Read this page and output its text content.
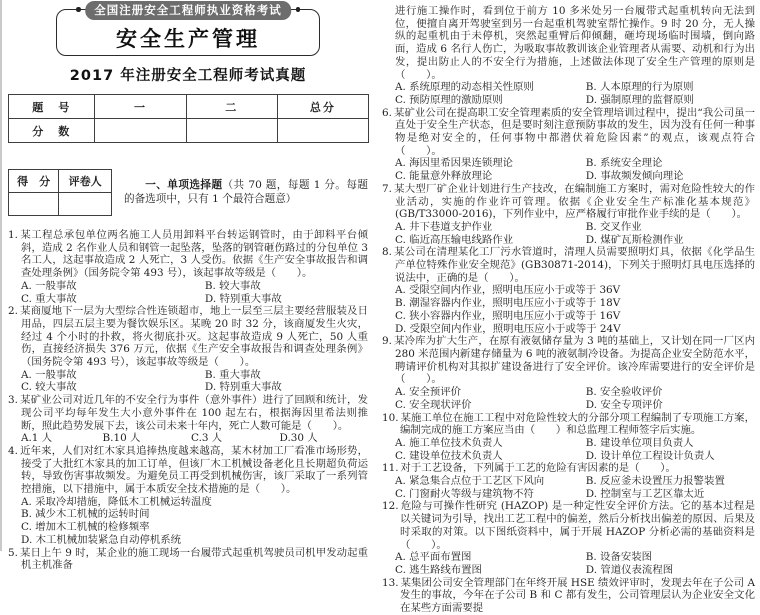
全国注册安全工程师执业资格考试
安全生产管理
2017 年注册安全工程师考试真题
题　号	一	二	总分
分　数			
得　分	评卷人
		一、单项选择题（共 70 题，每题 1 分。每题的备选项中，只有 1 个最符合题意）
1. 某工程总承包单位两名施工人员用卸料平台转运钢管时，由于卸料平台倾斜，造成 2 名作业人员和钢管一起坠落，坠落的钢管砸伤路过的分包单位 3 名工人，这起事故造成 2 人死亡，3 人受伤。依据《生产安全事故报告和调查处理条例》（国务院令第 493 号），该起事故等级是（　　）。
A. 一般事故	B. 较大事故
C. 重大事故	D. 特别重大事故
2. 某商厦地下一层为大型综合性连锁超市，地上一层至三层主要经营服装及日用品，四层五层主要为餐饮娱乐区。某晚 20 时 32 分，该商厦发生火灾，经过 4 个小时的扑救，将火彻底扑灭。这起事故造成 9 人死亡，50 人重伤，直接经济损失 376 万元，依据《生产安全事故报告和调查处理条例》（国务院令第 493 号），该起事故等级是（　　）。
A. 一般事故	B. 重大事故
C. 较大事故	D. 特别重大事故
3. 某矿业公司对近几年的不安全行为事件（意外事件）进行了回顾和统计，发现公司平均每年发生大小意外事件在 100 起左右，根据海因里希法则推断，照此趋势发展下去，该公司未来十年内，死亡人数可能是（　　）。
A.1 人	B.10 人	C.3 人	D.30 人
4. 近年来，人们对红木家具追捧热度越来越高，某木材加工厂看准市场形势，接受了大批红木家具的加工订单，但该厂木工机械设备老化且长期超负荷运转，导致伤害事故频发。为避免员工再受到机械伤害，该厂采取了一系列管控措施，以下措施中，属于本质安全技术措施的是（　　）。
A. 采取冷却措施，降低木工机械运转温度
B. 减少木工机械的运转时间
C. 增加木工机械的检修频率
D. 木工机械加装紧急自动停机系统
5. 某日上午 9 时，某企业的施工现场一台履带式起重机驾驶员司机甲发动起重机主机准备
进行施工操作时，看到位于前方 10 多米处另一台履带式起重机转向无法到位，便擅自离开驾驶室到另一台起重机驾驶室帮忙操作。9 时 20 分，无人操纵的起重机由于未停机，突然起重臂后仰倾翻，砸垮现场临时围墙，倒向路面，造成 6 名行人伤亡，为吸取事故教训该企业管理者从需要、动机和行为出发，提出防止人的不安全行为措施，上述做法体现了安全生产管理的原则是（　　）。
A. 系统原理的动态相关性原则	B. 人本原理的行为原则
C. 预防原理的激励原则	D. 强制原理的监督原则
6. 某矿业公司在提高职工安全管理素质的安全管理培训过程中，提出“我公司虽一直处于安全生产状态，但是要时刻注意预防事故的发生，因为没有任何一种事物是绝对安全的，任何事物中都潜伏着危险因素”的观点，该观点符合（　　）。
A. 海因里希因果连锁理论	B. 系统安全理论
C. 能量意外释放理论	D. 事故频发倾向理论
7. 某大型厂矿企业计划进行生产技改，在编制施工方案时，需对危险性较大的作业活动，实施的作业许可管理。依据《企业安全生产标准化基本规范》(GB/T33000-2016)，下列作业中，应严格履行审批作业手续的是（　　）。
A. 井下巷道支护作业	B. 交叉作业
C. 临近高压输电线路作业	D. 煤矿瓦斯检测作业
8. 某公司在清理某化工厂污水管道时，清理人员需要照明灯具，依据《化学品生产单位特殊作业安全规范》(GB30871-2014)，下列关于照明灯具电压选择的说法中，正确的是（　　）。
A. 受限空间内作业，照明电压应小于或等于 36V
B. 潮湿容器内作业，照明电压应小于或等于 18V
C. 狭小容器内作业，照明电压应小于或等于 16V
D. 受限空间内作业，照明电压应小于或等于 24V
9. 某冷库为扩大生产，在原有液氨储存量为 3 吨的基础上，又计划在同一厂区内 280 米范围内新建存储量为 6 吨的液氨制冷设备。为提高企业安全防范水平，聘请评价机构对其拟扩建设备进行了安全评价。该冷库需要进行的安全评价是（　　）。
A. 安全预评价	B. 安全验收评价
C. 安全现状评价	D. 安全专项评价
10. 某施工单位在施工工程中对危险性较大的分部分项工程编制了专项施工方案，编制完成的施工方案应当由（　　）和总监理工程师签字后实施。
A. 施工单位技术负责人	B. 建设单位项目负责人
C. 建设单位技术负责人	D. 设计单位工程设计负责人
11. 对于工艺设备，下列属于工艺的危险有害因素的是（　　）。
A. 紧急集合点位于工艺区下风向	B. 反应釜未设置压力报警装置
C. 门窗耐火等级与建筑物不符	D. 控制室与工艺区靠太近
12. 危险与可操作性研究 (HAZOP) 是一种定性安全评价方法。它的基本过程是以关键词为引导，找出工艺工程中的偏差，然后分析找出偏差的原因、后果及时采取的对策。以下图纸资料中，属于开展 HAZOP 分析必需的基础资料是（　　）。
A. 总平面布置图	B. 设备安装图
C. 逃生路线布置图	D. 管道仪表流程图
13. 某集团公司安全管理部门在年终开展 HSE 绩效评审时，发现去年在子公司 A 发生的事故，今年在子公司 B 和 C 都有发生，公司管理层认为企业安全文化在某些方面需要提
